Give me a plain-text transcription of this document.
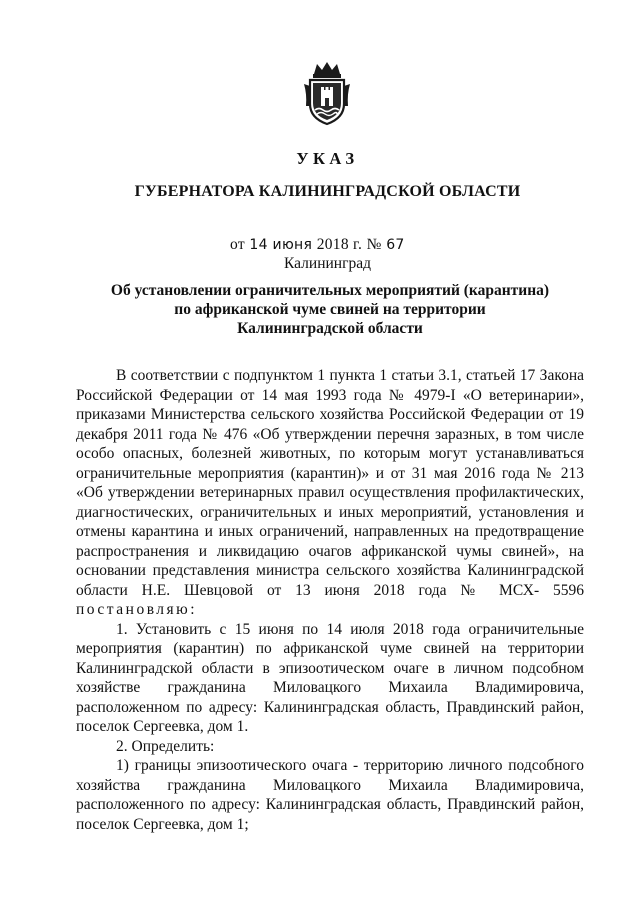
УКАЗ
ГУБЕРНАТОРА КАЛИНИНГРАДСКОЙ ОБЛАСТИ
от 14 июня 2018 г. № 67
Калининград
Об установлении ограничительных мероприятий (карантина)
по африканской чуме свиней на территории
Калининградской области

В соответствии с подпунктом 1 пункта 1 статьи 3.1, статьей 17 Закона Российской Федерации от 14 мая 1993 года № 4979-I «О ветеринарии», приказами Министерства сельского хозяйства Российской Федерации от 19 декабря 2011 года № 476 «Об утверждении перечня заразных, в том числе особо опасных, болезней животных, по которым могут устанавливаться ограничительные мероприятия (карантин)» и от 31 мая 2016 года № 213 «Об утверждении ветеринарных правил осуществления профилактических, диагностических, ограничительных и иных мероприятий, установления и отмены карантина и иных ограничений, направленных на предотвращение распространения и ликвидацию очагов африканской чумы свиней», на основании представления министра сельского хозяйства Калининградской области Н.Е. Шевцовой от 13 июня 2018 года № МСХ- 5596 постановляю:

1. Установить с 15 июня по 14 июля 2018 года ограничительные мероприятия (карантин) по африканской чуме свиней на территории Калининградской области в эпизоотическом очаге в личном подсобном хозяйстве гражданина Миловацкого Михаила Владимировича, расположенном по адресу: Калининградская область, Правдинский район, поселок Сергеевка, дом 1.

2. Определить:

1) границы эпизоотического очага - территорию личного подсобного хозяйства гражданина Миловацкого Михаила Владимировича, расположенного по адресу: Калининградская область, Правдинский район, поселок Сергеевка, дом 1;
